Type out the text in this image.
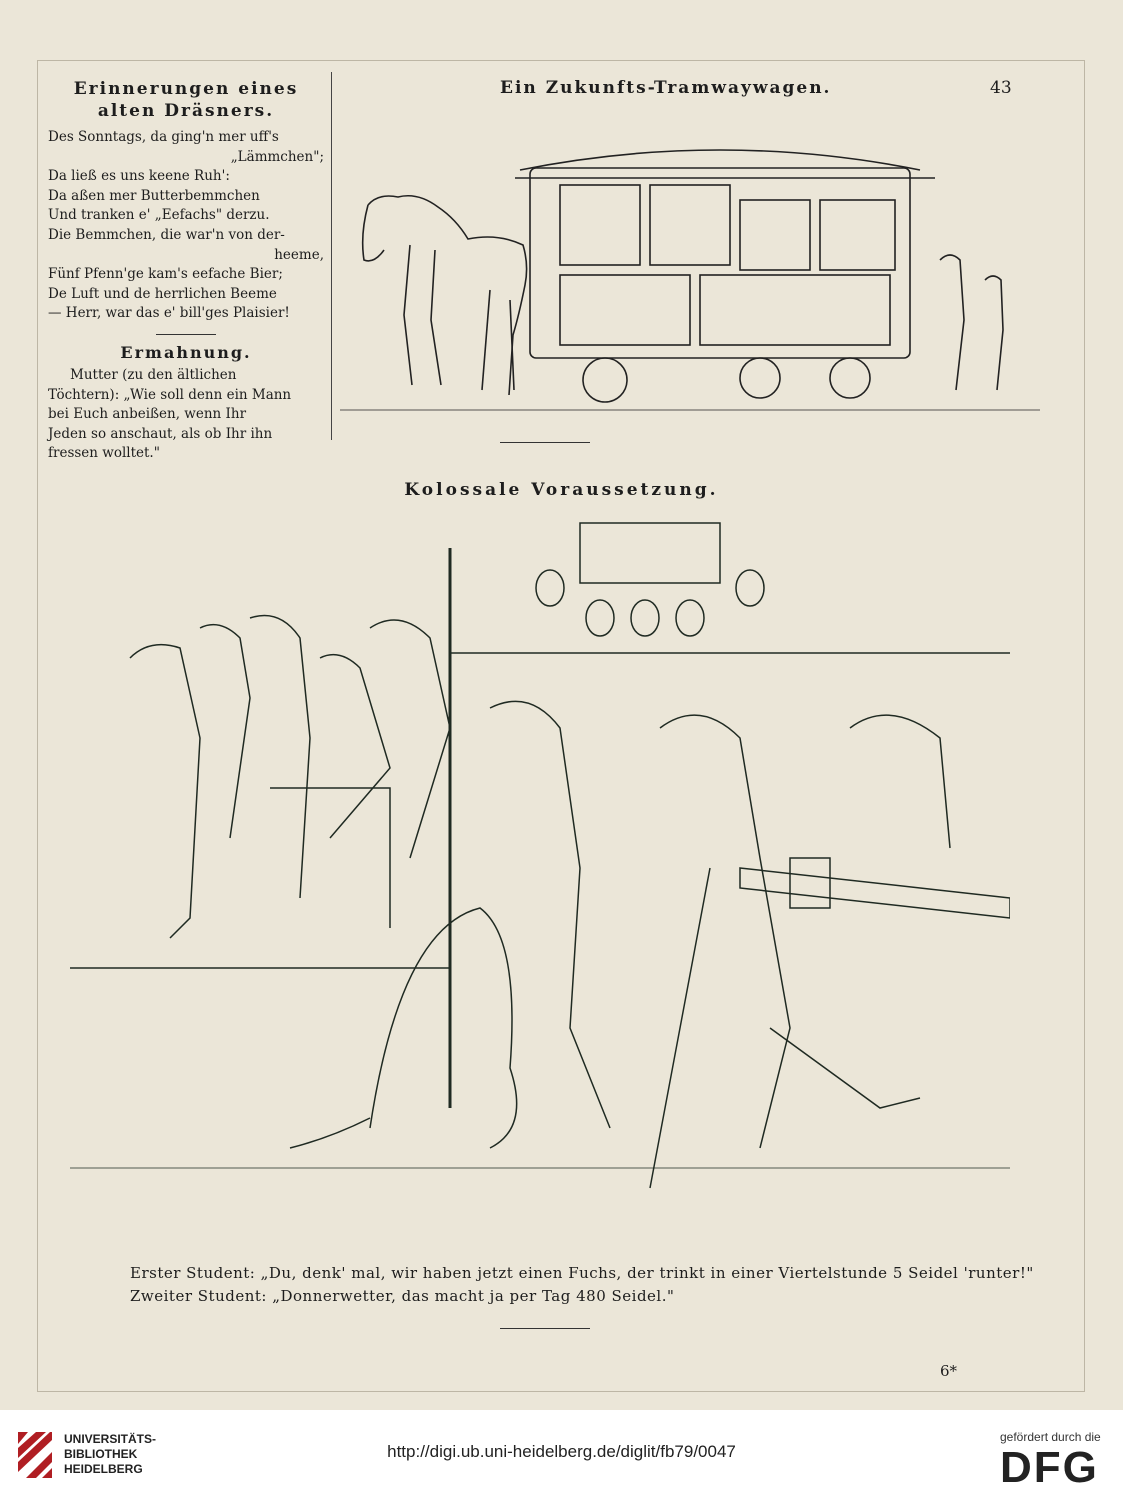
Erinnerungen eines

alten Dräsners.

Des Sonntags, da ging'n mer uff's
„Lämmchen";
Da ließ es uns keene Ruh':
Da aßen mer Butterbemmchen
Und tranken e' „Eefachs" derzu.
Die Bemmchen, die war'n von der-
heeme,
Fünf Pfenn'ge kam's eefache Bier;
De Luft und de herrlichen Beeme
— Herr, war das e' bill'ges Plaisier!

Ermahnung.

Mutter (zu den ältlichen
Töchtern): „Wie soll denn ein Mann
bei Euch anbeißen, wenn Ihr
Jeden so anschaut, als ob Ihr ihn
fressen wolltet."
Ein Zukunfts-Tramwaywagen.	43
Kolossale Voraussetzung.
Erster Student: „Du, denk' mal, wir haben jetzt einen Fuchs, der trinkt in einer Viertelstunde 5 Seidel 'runter!"
Zweiter Student: „Donnerwetter, das macht ja per Tag 480 Seidel."
6*
UNIVERSITÄTS-
BIBLIOTHEK
HEIDELBERG
http://digi.ub.uni-heidelberg.de/diglit/fb79/0047
gefördert durch die
DFG
